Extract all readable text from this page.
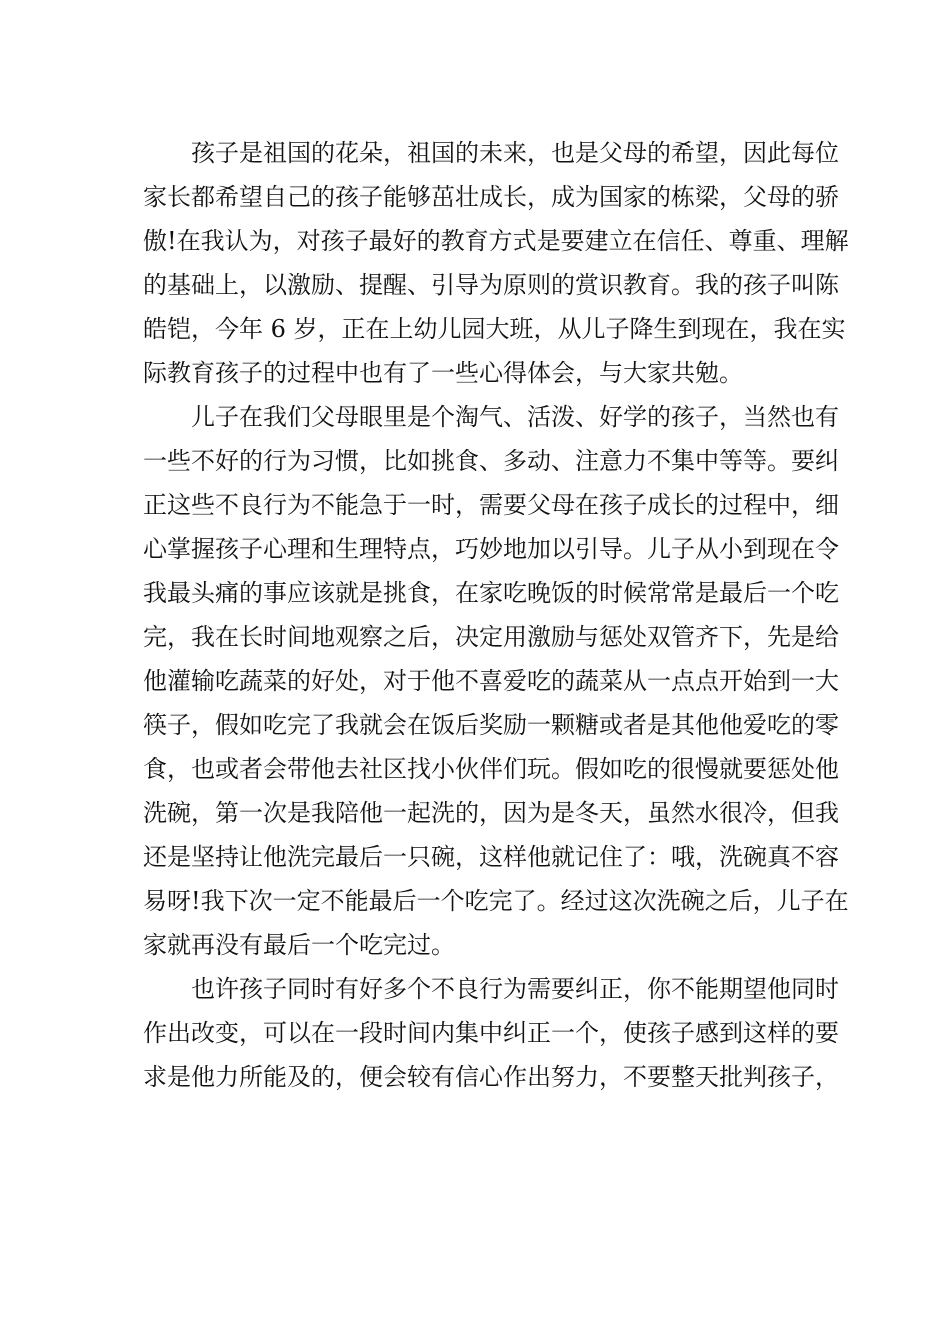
孩子是祖国的花朵，祖国的未来，也是父母的希望，因此每位
家长都希望自己的孩子能够茁壮成长，成为国家的栋梁，父母的骄
傲!在我认为，对孩子最好的教育方式是要建立在信任、尊重、理解
的基础上，以激励、提醒、引导为原则的赏识教育。我的孩子叫陈
皓铠，今年 6 岁，正在上幼儿园大班，从儿子降生到现在，我在实
际教育孩子的过程中也有了一些心得体会，与大家共勉。
儿子在我们父母眼里是个淘气、活泼、好学的孩子，当然也有
一些不好的行为习惯，比如挑食、多动、注意力不集中等等。要纠
正这些不良行为不能急于一时，需要父母在孩子成长的过程中，细
心掌握孩子心理和生理特点，巧妙地加以引导。儿子从小到现在令
我最头痛的事应该就是挑食，在家吃晚饭的时候常常是最后一个吃
完，我在长时间地观察之后，决定用激励与惩处双管齐下，先是给
他灌输吃蔬菜的好处，对于他不喜爱吃的蔬菜从一点点开始到一大
筷子，假如吃完了我就会在饭后奖励一颗糖或者是其他他爱吃的零
食，也或者会带他去社区找小伙伴们玩。假如吃的很慢就要惩处他
洗碗，第一次是我陪他一起洗的，因为是冬天，虽然水很冷，但我
还是坚持让他洗完最后一只碗，这样他就记住了：哦，洗碗真不容
易呀!我下次一定不能最后一个吃完了。经过这次洗碗之后，儿子在
家就再没有最后一个吃完过。
也许孩子同时有好多个不良行为需要纠正，你不能期望他同时
作出改变，可以在一段时间内集中纠正一个，使孩子感到这样的要
求是他力所能及的，便会较有信心作出努力，不要整天批判孩子，
